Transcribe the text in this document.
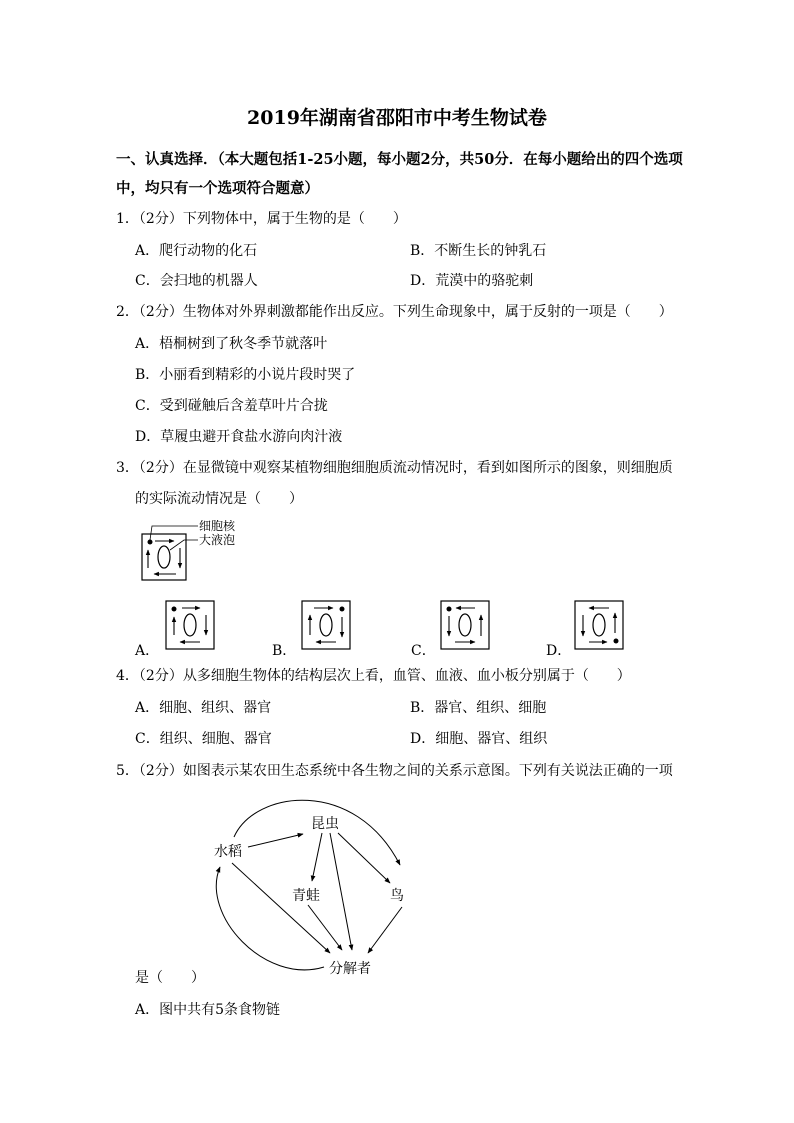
2019年湖南省邵阳市中考生物试卷
一、认真选择．（本大题包括1-25小题，每小题2分，共50分．在每小题给出的四个选项
中，均只有一个选项符合题意）
1．（2分）下列物体中，属于生物的是（　　）
A．爬行动物的化石	B．不断生长的钟乳石
C．会扫地的机器人	D．荒漠中的骆驼刺
2．（2分）生物体对外界刺激都能作出反应。下列生命现象中，属于反射的一项是（　　）
A．梧桐树到了秋冬季节就落叶
B．小丽看到精彩的小说片段时哭了
C．受到碰触后含羞草叶片合拢
D．草履虫避开食盐水游向肉汁液
3．（2分）在显微镜中观察某植物细胞细胞质流动情况时，看到如图所示的图象，则细胞质
的实际流动情况是（　　）
细胞核
大液泡
A．	B．	C．	D．
4．（2分）从多细胞生物体的结构层次上看，血管、血液、血小板分别属于（　　）
A．细胞、组织、器官	B．器官、组织、细胞
C．组织、细胞、器官	D．细胞、器官、组织
5．（2分）如图表示某农田生态系统中各生物之间的关系示意图。下列有关说法正确的一项
水稻
昆虫
青蛙	鸟
分解者
是（　　）
A．图中共有5条食物链
